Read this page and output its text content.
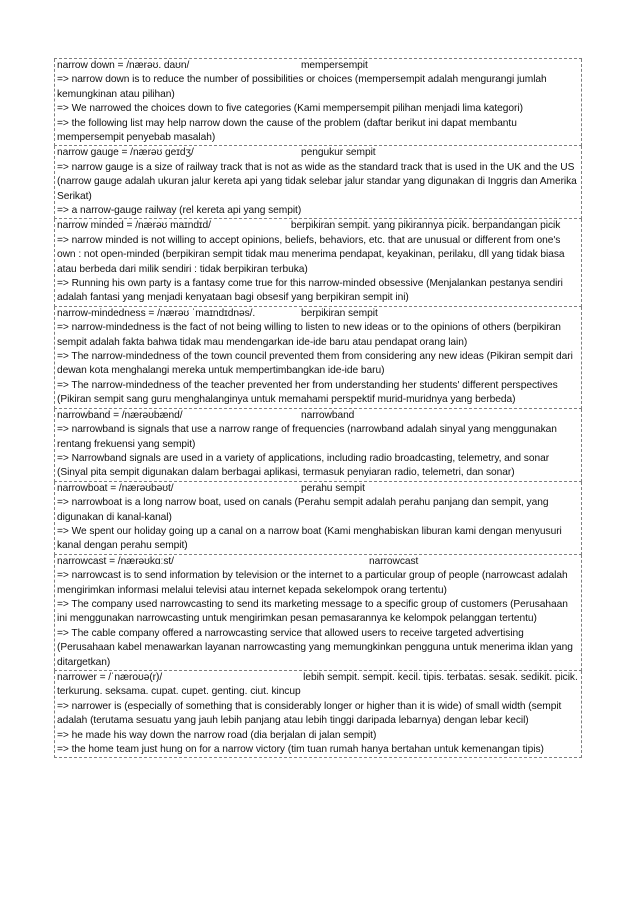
narrow down = /nærəʊ. daʊn/	mempersempit
=> narrow down is to reduce the number of possibilities or choices (mempersempit adalah mengurangi jumlah kemungkinan atau pilihan)
=> We narrowed the choices down to five categories (Kami mempersempit pilihan menjadi lima kategori)
=> the following list may help narrow down the cause of the problem (daftar berikut ini dapat membantu mempersempit penyebab masalah)
narrow gauge = /nærəʊ ɡeɪdʒ/	pengukur sempit
=> narrow gauge is a size of railway track that is not as wide as the standard track that is used in the UK and the US (narrow gauge adalah ukuran jalur kereta api yang tidak selebar jalur standar yang digunakan di Inggris dan Amerika Serikat)
=> a narrow-gauge railway (rel kereta api yang sempit)
narrow minded = /nærəʊ maɪndɪd/	berpikiran sempit. yang pikirannya picik. berpandangan picik
=> narrow minded is not willing to accept opinions, beliefs, behaviors, etc. that are unusual or different from one's own : not open-minded (berpikiran sempit tidak mau menerima pendapat, keyakinan, perilaku, dll yang tidak biasa atau berbeda dari milik sendiri : tidak berpikiran terbuka)
=> Running his own party is a fantasy come true for this narrow-minded obsessive (Menjalankan pestanya sendiri adalah fantasi yang menjadi kenyataan bagi obsesif yang berpikiran sempit ini)
narrow-mindedness = /nærəʊ ˈmaɪndɪdnəs/.	berpikiran sempit
=> narrow-mindedness is the fact of not being willing to listen to new ideas or to the opinions of others (berpikiran sempit adalah fakta bahwa tidak mau mendengarkan ide-ide baru atau pendapat orang lain)
=> The narrow-mindedness of the town council prevented them from considering any new ideas (Pikiran sempit dari dewan kota menghalangi mereka untuk mempertimbangkan ide-ide baru)
=> The narrow-mindedness of the teacher prevented her from understanding her students' different perspectives (Pikiran sempit sang guru menghalanginya untuk memahami perspektif murid-muridnya yang berbeda)
narrowband = /nærəʊbænd/	narrowband
=> narrowband is signals that use a narrow range of frequencies (narrowband adalah sinyal yang menggunakan rentang frekuensi yang sempit)
=> Narrowband signals are used in a variety of applications, including radio broadcasting, telemetry, and sonar (Sinyal pita sempit digunakan dalam berbagai aplikasi, termasuk penyiaran radio, telemetri, dan sonar)
narrowboat = /nærəʊbəʊt/	perahu sempit
=> narrowboat is a long narrow boat, used on canals (Perahu sempit adalah perahu panjang dan sempit, yang digunakan di kanal-kanal)
=> We spent our holiday going up a canal on a narrow boat (Kami menghabiskan liburan kami dengan menyusuri kanal dengan perahu sempit)
narrowcast = /nærəʊkɑːst/	narrowcast
=> narrowcast is to send information by television or the internet to a particular group of people (narrowcast adalah mengirimkan informasi melalui televisi atau internet kepada sekelompok orang tertentu)
=> The company used narrowcasting to send its marketing message to a specific group of customers (Perusahaan ini menggunakan narrowcasting untuk mengirimkan pesan pemasarannya ke kelompok pelanggan tertentu)
=> The cable company offered a narrowcasting service that allowed users to receive targeted advertising (Perusahaan kabel menawarkan layanan narrowcasting yang memungkinkan pengguna untuk menerima iklan yang ditargetkan)
narrower = /ˈnæroʊə(r)/	lebih sempit. sempit. kecil. tipis. terbatas. sesak. sedikit. picik. terkurung. seksama. cupat. cupet. genting. ciut. kincup
=> narrower is (especially of something that is considerably longer or higher than it is wide) of small width (sempit adalah (terutama sesuatu yang jauh lebih panjang atau lebih tinggi daripada lebarnya) dengan lebar kecil)
=> he made his way down the narrow road (dia berjalan di jalan sempit)
=> the home team just hung on for a narrow victory (tim tuan rumah hanya bertahan untuk kemenangan tipis)
